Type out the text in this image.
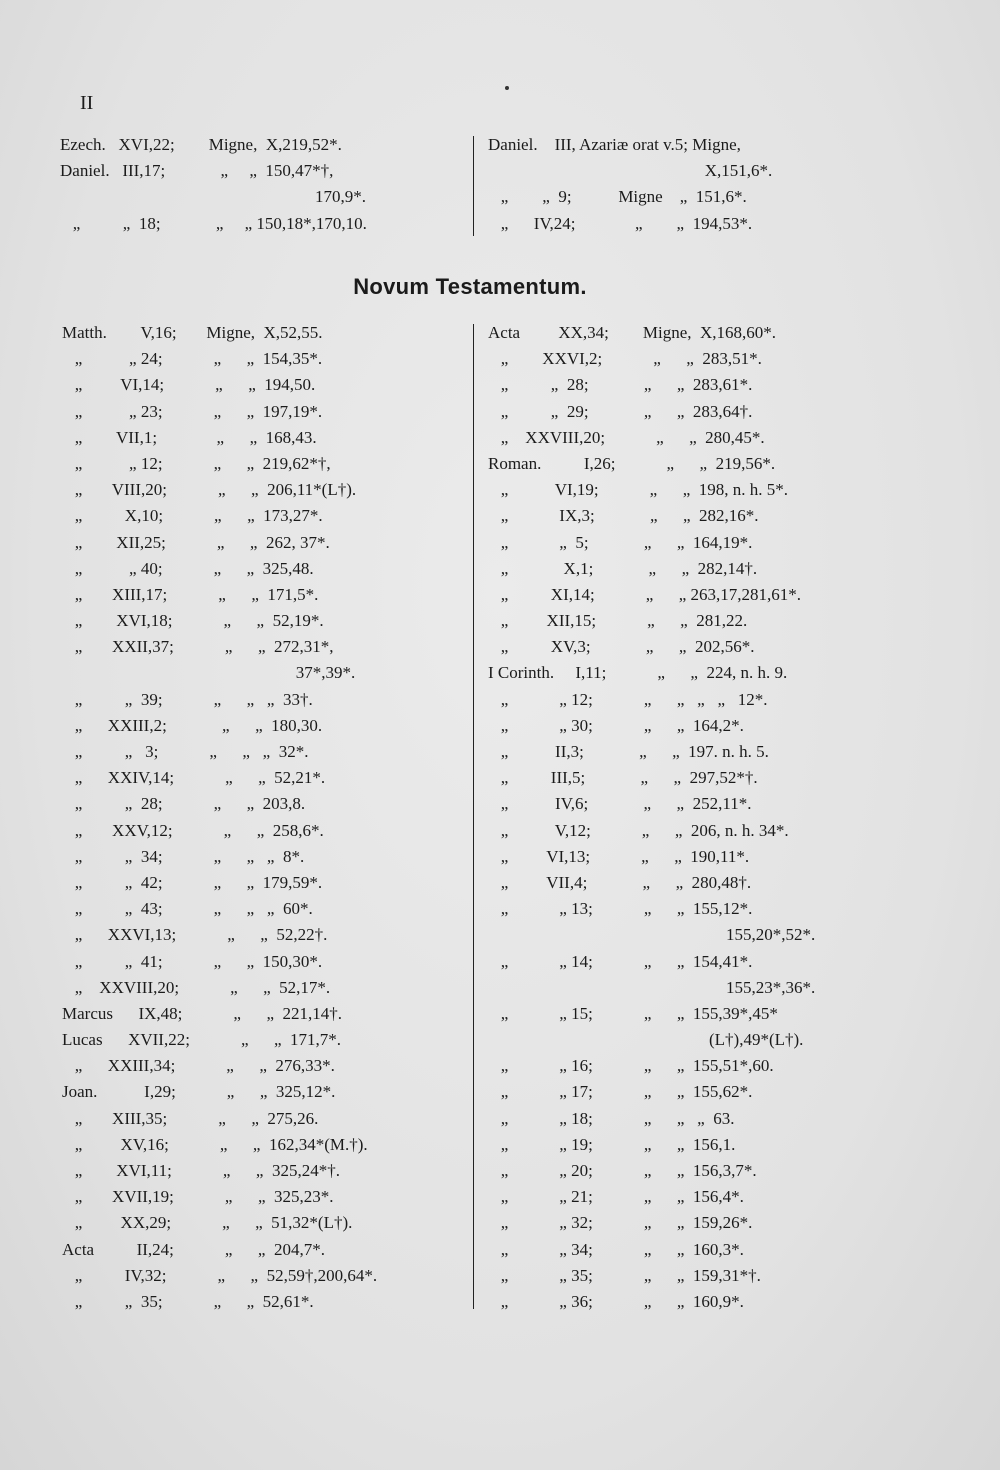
II
Ezech.   XVI,22;        Migne,  X,219,52*.
Daniel.   III,17;             „     „  150,47*†,
170,9*.
„          „  18;             „     „ 150,18*,170,10.
Daniel.    III, Azariæ orat v.5; Migne,
X,151,6*.
„        „  9;           Migne    „  151,6*.
„      IV,24;              „        „  194,53*.
Novum Testamentum.
Matth.        V,16;       Migne,  X,52,55.
„           „ 24;            „      „  154,35*.
„         VI,14;            „      „  194,50.
„           „ 23;            „      „  197,19*.
„        VII,1;              „      „  168,43.
„           „ 12;            „      „  219,62*†,
„       VIII,20;            „      „  206,11*(L†).
„          X,10;            „      „  173,27*.
„        XII,25;            „      „  262, 37*.
„           „ 40;            „      „  325,48.
„       XIII,17;            „      „  171,5*.
„        XVI,18;            „      „  52,19*.
„       XXII,37;            „      „  272,31*,
37*,39*.
„          „  39;            „      „   „  33†.
„      XXIII,2;             „      „  180,30.
„          „   3;            „      „   „  32*.
„      XXIV,14;            „      „  52,21*.
„          „  28;            „      „  203,8.
„       XXV,12;            „      „  258,6*.
„          „  34;            „      „   „  8*.
„          „  42;            „      „  179,59*.
„          „  43;            „      „   „  60*.
„      XXVI,13;            „      „  52,22†.
„          „  41;            „      „  150,30*.
„    XXVIII,20;            „      „  52,17*.
Marcus      IX,48;            „      „  221,14†.
Lucas      XVII,22;            „      „  171,7*.
„      XXIII,34;            „      „  276,33*.
Joan.           I,29;            „      „  325,12*.
„       XIII,35;            „      „  275,26.
„         XV,16;            „      „  162,34*(M.†).
„        XVI,11;            „      „  325,24*†.
„       XVII,19;            „      „  325,23*.
„         XX,29;            „      „  51,32*(L†).
Acta          II,24;            „      „  204,7*.
„          IV,32;            „      „  52,59†,200,64*.
„          „  35;            „      „  52,61*.
Acta         XX,34;        Migne,  X,168,60*.
„        XXVI,2;            „      „  283,51*.
„          „  28;             „      „  283,61*.
„          „  29;             „      „  283,64†.
„    XXVIII,20;            „      „  280,45*.
Roman.          I,26;            „      „  219,56*.
„           VI,19;            „      „  198, n. h. 5*.
„            IX,3;             „      „  282,16*.
„            „  5;             „      „  164,19*.
„             X,1;             „      „  282,14†.
„          XI,14;            „      „ 263,17,281,61*.
„         XII,15;            „      „  281,22.
„          XV,3;             „      „  202,56*.
I Corinth.     I,11;            „      „  224, n. h. 9.
„            „ 12;            „      „   „   „   12*.
„            „ 30;            „      „  164,2*.
„           II,3;             „      „  197. n. h. 5.
„          III,5;             „      „  297,52*†.
„           IV,6;             „      „  252,11*.
„           V,12;            „      „  206, n. h. 34*.
„         VI,13;            „      „  190,11*.
„         VII,4;             „      „  280,48†.
„            „ 13;            „      „  155,12*.
155,20*,52*.
„            „ 14;            „      „  154,41*.
155,23*,36*.
„            „ 15;            „      „  155,39*,45*
(L†),49*(L†).
„            „ 16;            „      „  155,51*,60.
„            „ 17;            „      „  155,62*.
„            „ 18;            „      „   „  63.
„            „ 19;            „      „  156,1.
„            „ 20;            „      „  156,3,7*.
„            „ 21;            „      „  156,4*.
„            „ 32;            „      „  159,26*.
„            „ 34;            „      „  160,3*.
„            „ 35;            „      „  159,31*†.
„            „ 36;            „      „  160,9*.
